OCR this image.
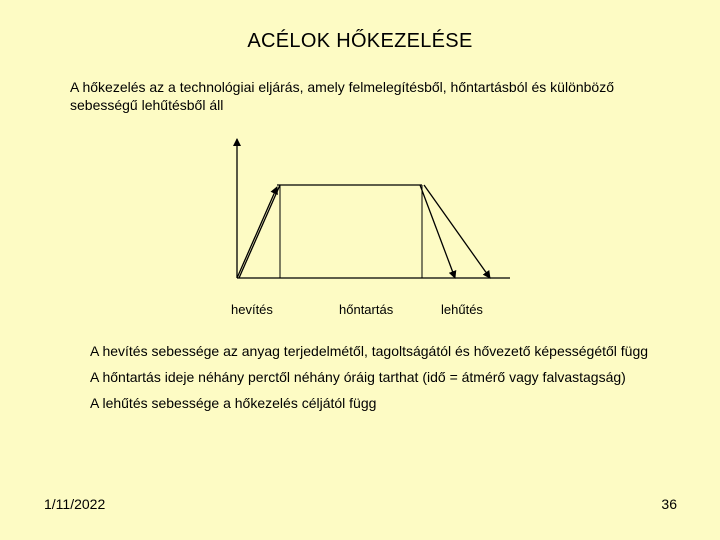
ACÉLOK HŐKEZELÉSE
A hőkezelés az a technológiai eljárás, amely felmelegítésből, hőntartásból és különböző sebességű lehűtésből áll
hevítés	hőntartás	lehűtés
A hevítés sebessége az anyag terjedelmétől, tagoltságától és hővezető képességétől függ
A hőntartás ideje néhány perctől néhány óráig tarthat (idő = átmérő vagy falvastagság)
A lehűtés sebessége a hőkezelés céljától függ
1/11/2022	36
